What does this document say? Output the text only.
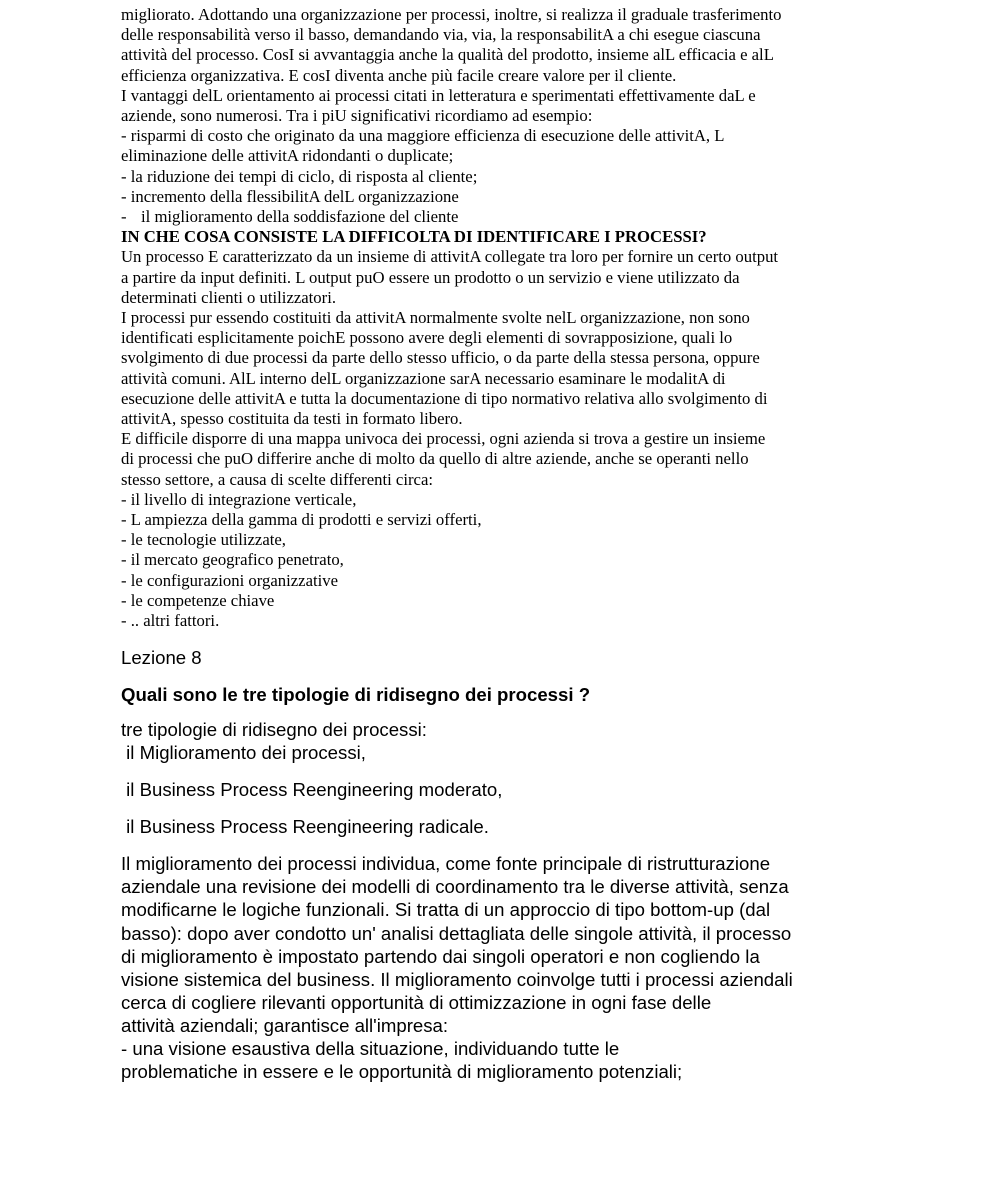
migliorato. Adottando una organizzazione per processi, inoltre, si realizza il graduale trasferimento

delle responsabilità verso il basso, demandando via, via, la responsabilitA a chi esegue ciascuna

attività del processo. CosI si avvantaggia anche la qualità del prodotto, insieme alL efficacia e alL

efficienza organizzativa. E cosI diventa anche più facile creare valore per il cliente.

I vantaggi delL orientamento ai processi citati in letteratura e sperimentati effettivamente daL e

aziende, sono numerosi. Tra i piU significativi ricordiamo ad esempio:

- risparmi di costo che originato da una maggiore efficienza di esecuzione delle attivitA, L

eliminazione delle attivitA ridondanti o duplicate;

- la riduzione dei tempi di ciclo, di risposta al cliente;

- incremento della flessibilitA delL organizzazione

- il miglioramento della soddisfazione del cliente

IN CHE COSA CONSISTE LA DIFFICOLTA DI IDENTIFICARE I PROCESSI?

Un processo E caratterizzato da un insieme di attivitA collegate tra loro per fornire un certo output

a partire da input definiti. L output puO essere un prodotto o un servizio e viene utilizzato da

determinati clienti o utilizzatori.

I processi pur essendo costituiti da attivitA normalmente svolte nelL organizzazione, non sono

identificati esplicitamente poichE possono avere degli elementi di sovrapposizione, quali lo

svolgimento di due processi da parte dello stesso ufficio, o da parte della stessa persona, oppure

attività comuni. AlL interno delL organizzazione sarA necessario esaminare le modalitA di

esecuzione delle attivitA e tutta la documentazione di tipo normativo relativa allo svolgimento di

attivitA, spesso costituita da testi in formato libero.

E difficile disporre di una mappa univoca dei processi, ogni azienda si trova a gestire un insieme

di processi che puO differire anche di molto da quello di altre aziende, anche se operanti nello

stesso settore, a causa di scelte differenti circa:

- il livello di integrazione verticale,

- L ampiezza della gamma di prodotti e servizi offerti,

- le tecnologie utilizzate,

- il mercato geografico penetrato,

- le configurazioni organizzative

- le competenze chiave

- .. altri fattori.

Lezione 8

Quali sono le tre tipologie di ridisegno dei processi ?

tre tipologie di ridisegno dei processi:

il Miglioramento dei processi,

il Business Process Reengineering moderato,

il Business Process Reengineering radicale.

Il miglioramento dei processi individua, come fonte principale di ristrutturazione

aziendale una revisione dei modelli di coordinamento tra le diverse attività, senza

modificarne le logiche funzionali. Si tratta di un approccio di tipo bottom-up (dal

basso): dopo aver condotto un' analisi dettagliata delle singole attività, il processo

di miglioramento è impostato partendo dai singoli operatori e non cogliendo la

visione sistemica del business. Il miglioramento coinvolge tutti i processi aziendali

cerca di cogliere rilevanti opportunità di ottimizzazione in ogni fase delle

attività aziendali; garantisce all'impresa:

- una visione esaustiva della situazione, individuando tutte le

problematiche in essere e le opportunità di miglioramento potenziali;
